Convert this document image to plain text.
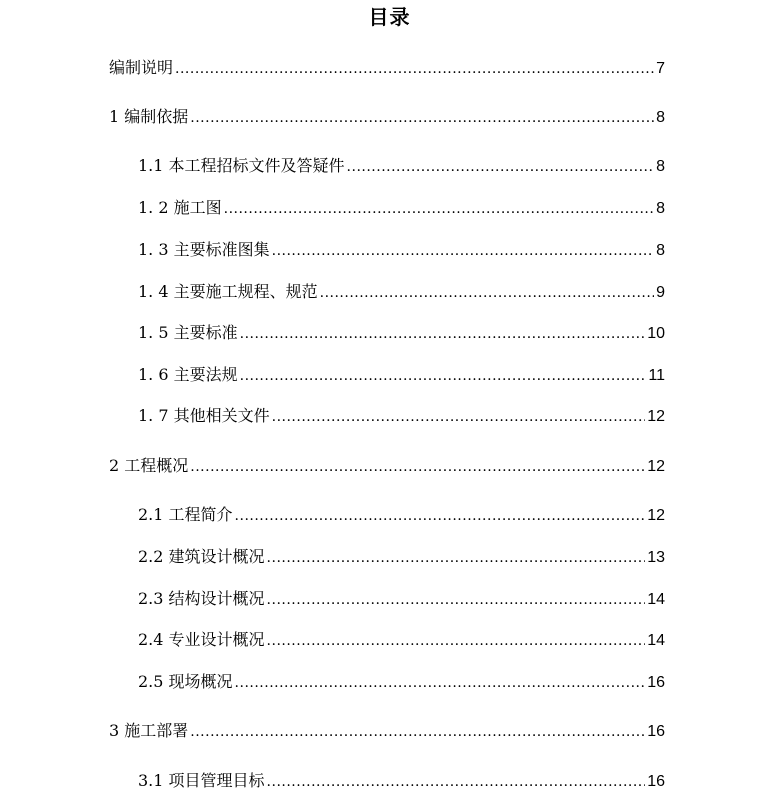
目录
编制说明 .....	7
1 编制依据 .....	8
1.1 本工程招标文件及答疑件 .....	8
1. 2 施工图 .....	8
1. 3 主要标准图集 .....	8
1. 4 主要施工规程、规范 .....	9
1. 5 主要标准 .....	10
1. 6 主要法规 .....	11
1. 7 其他相关文件 .....	12
2 工程概况 .....	12
2.1 工程简介 .....	12
2.2 建筑设计概况 .....	13
2.3 结构设计概况 .....	14
2.4 专业设计概况 .....	14
2.5 现场概况 .....	16
3 施工部署 .....	16
3.1 项目管理目标 .....	16
